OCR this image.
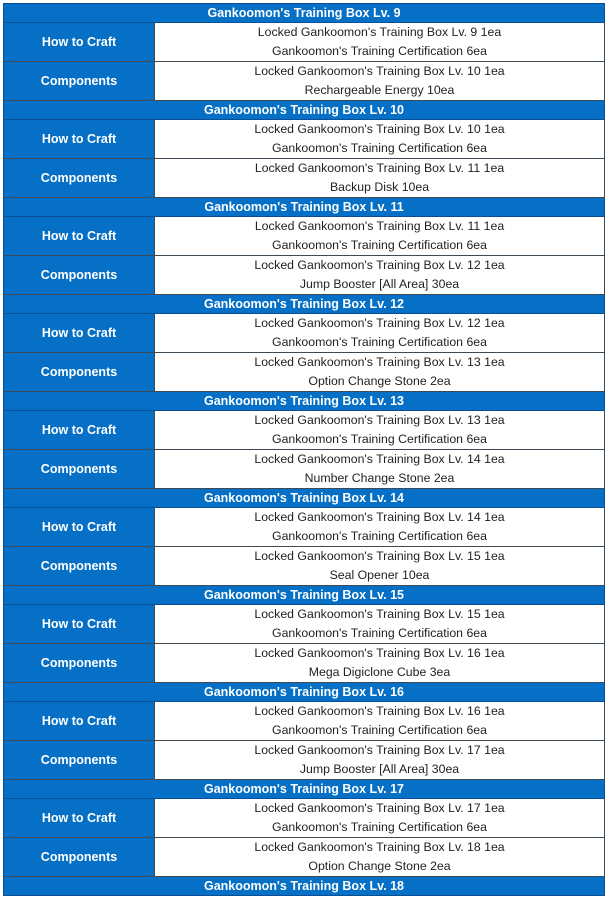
Gankoomon's Training Box Lv. 9
How to Craft
Locked Gankoomon's Training Box Lv. 9 1ea
Gankoomon's Training Certification 6ea
Components
Locked Gankoomon's Training Box Lv. 10 1ea
Rechargeable Energy 10ea
Gankoomon's Training Box Lv. 10
How to Craft
Locked Gankoomon's Training Box Lv. 10 1ea
Gankoomon's Training Certification 6ea
Components
Locked Gankoomon's Training Box Lv. 11 1ea
Backup Disk 10ea
Gankoomon's Training Box Lv. 11
How to Craft
Locked Gankoomon's Training Box Lv. 11 1ea
Gankoomon's Training Certification 6ea
Components
Locked Gankoomon's Training Box Lv. 12 1ea
Jump Booster [All Area] 30ea
Gankoomon's Training Box Lv. 12
How to Craft
Locked Gankoomon's Training Box Lv. 12 1ea
Gankoomon's Training Certification 6ea
Components
Locked Gankoomon's Training Box Lv. 13 1ea
Option Change Stone 2ea
Gankoomon's Training Box Lv. 13
How to Craft
Locked Gankoomon's Training Box Lv. 13 1ea
Gankoomon's Training Certification 6ea
Components
Locked Gankoomon's Training Box Lv. 14 1ea
Number Change Stone 2ea
Gankoomon's Training Box Lv. 14
How to Craft
Locked Gankoomon's Training Box Lv. 14 1ea
Gankoomon's Training Certification 6ea
Components
Locked Gankoomon's Training Box Lv. 15 1ea
Seal Opener 10ea
Gankoomon's Training Box Lv. 15
How to Craft
Locked Gankoomon's Training Box Lv. 15 1ea
Gankoomon's Training Certification 6ea
Components
Locked Gankoomon's Training Box Lv. 16 1ea
Mega Digiclone Cube 3ea
Gankoomon's Training Box Lv. 16
How to Craft
Locked Gankoomon's Training Box Lv. 16 1ea
Gankoomon's Training Certification 6ea
Components
Locked Gankoomon's Training Box Lv. 17 1ea
Jump Booster [All Area] 30ea
Gankoomon's Training Box Lv. 17
How to Craft
Locked Gankoomon's Training Box Lv. 17 1ea
Gankoomon's Training Certification 6ea
Components
Locked Gankoomon's Training Box Lv. 18 1ea
Option Change Stone 2ea
Gankoomon's Training Box Lv. 18
